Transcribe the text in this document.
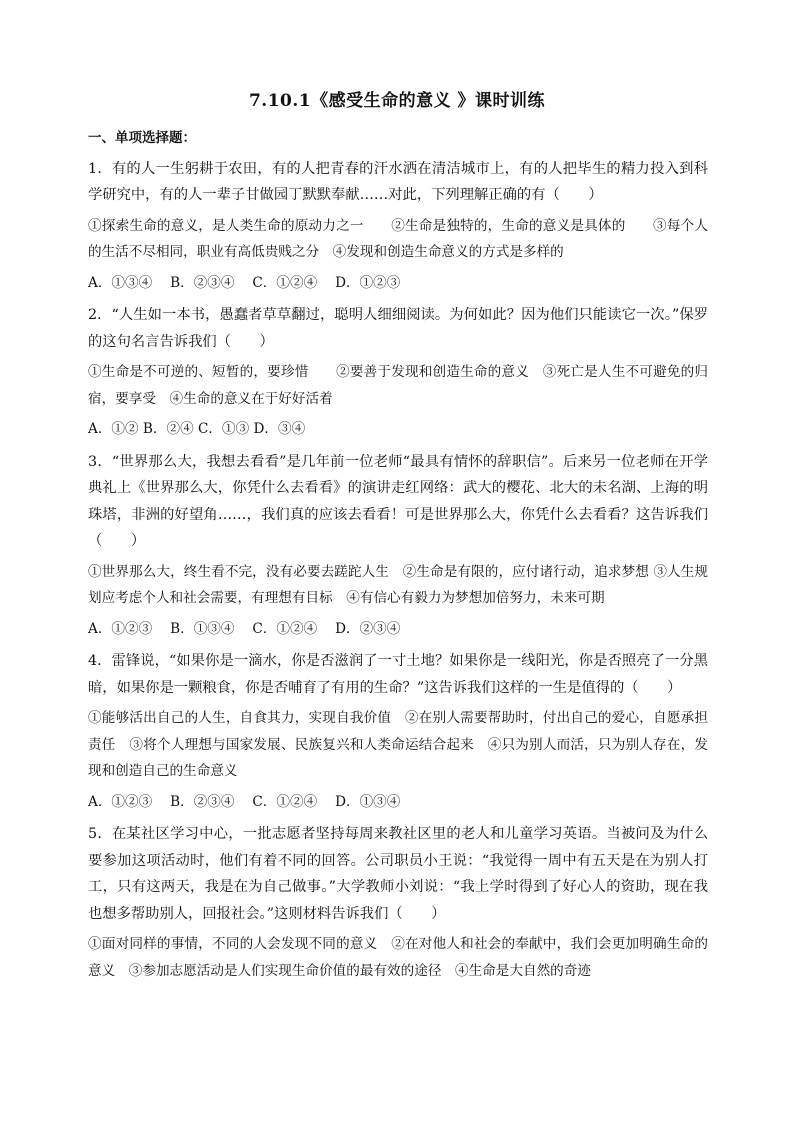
7.10.1《感受生命的意义 》课时训练
一、单项选择题：
1．有的人一生躬耕于农田，有的人把青春的汗水洒在清洁城市上，有的人把毕生的精力投入到科学研究中，有的人一辈子甘做园丁默默奉献……对此，下列理解正确的有（　　）
①探索生命的意义，是人类生命的原动力之一　　②生命是独特的，生命的意义是具体的　　③每个人的生活不尽相同，职业有高低贵贱之分　④发现和创造生命意义的方式是多样的
A．①③④　 B．②③④　 C．①②④　 D．①②③
2．“人生如一本书，愚蠢者草草翻过，聪明人细细阅读。为何如此？因为他们只能读它一次。”保罗的这句名言告诉我们（　　）
①生命是不可逆的、短暂的，要珍惜　　②要善于发现和创造生命的意义　③死亡是人生不可避免的归宿，要享受　④生命的意义在于好好活着
A．①② B．②④ C．①③ D．③④
3．“世界那么大，我想去看看”是几年前一位老师“最具有情怀的辞职信”。后来另一位老师在开学典礼上《世界那么大，你凭什么去看看》的演讲走红网络：武大的樱花、北大的未名湖、上海的明珠塔，非洲的好望角……，我们真的应该去看看！可是世界那么大，你凭什么去看看？这告诉我们（　　）
①世界那么大，终生看不完，没有必要去蹉跎人生　②生命是有限的，应付诸行动，追求梦想 ③人生规划应考虑个人和社会需要，有理想有目标　④有信心有毅力为梦想加倍努力，未来可期
A．①②③　 B．①③④　 C．①②④　 D．②③④
4．雷锋说，“如果你是一滴水，你是否滋润了一寸土地？如果你是一线阳光，你是否照亮了一分黑暗，如果你是一颗粮食，你是否哺育了有用的生命？”这告诉我们这样的一生是值得的（　　）
①能够活出自己的人生，自食其力，实现自我价值　②在别人需要帮助时，付出自己的爱心，自愿承担责任　③将个人理想与国家发展、民族复兴和人类命运结合起来　④只为别人而活，只为别人存在，发现和创造自己的生命意义
A．①②③　 B．②③④　 C．①②④　 D．①③④
5．在某社区学习中心，一批志愿者坚持每周来教社区里的老人和儿童学习英语。当被问及为什么要参加这项活动时，他们有着不同的回答。公司职员小王说：“我觉得一周中有五天是在为别人打工，只有这两天，我是在为自己做事。”大学教师小刘说：“我上学时得到了好心人的资助，现在我也想多帮助别人，回报社会。”这则材料告诉我们（　　）
①面对同样的事情，不同的人会发现不同的意义　②在对他人和社会的奉献中，我们会更加明确生命的意义　③参加志愿活动是人们实现生命价值的最有效的途径　④生命是大自然的奇迹
